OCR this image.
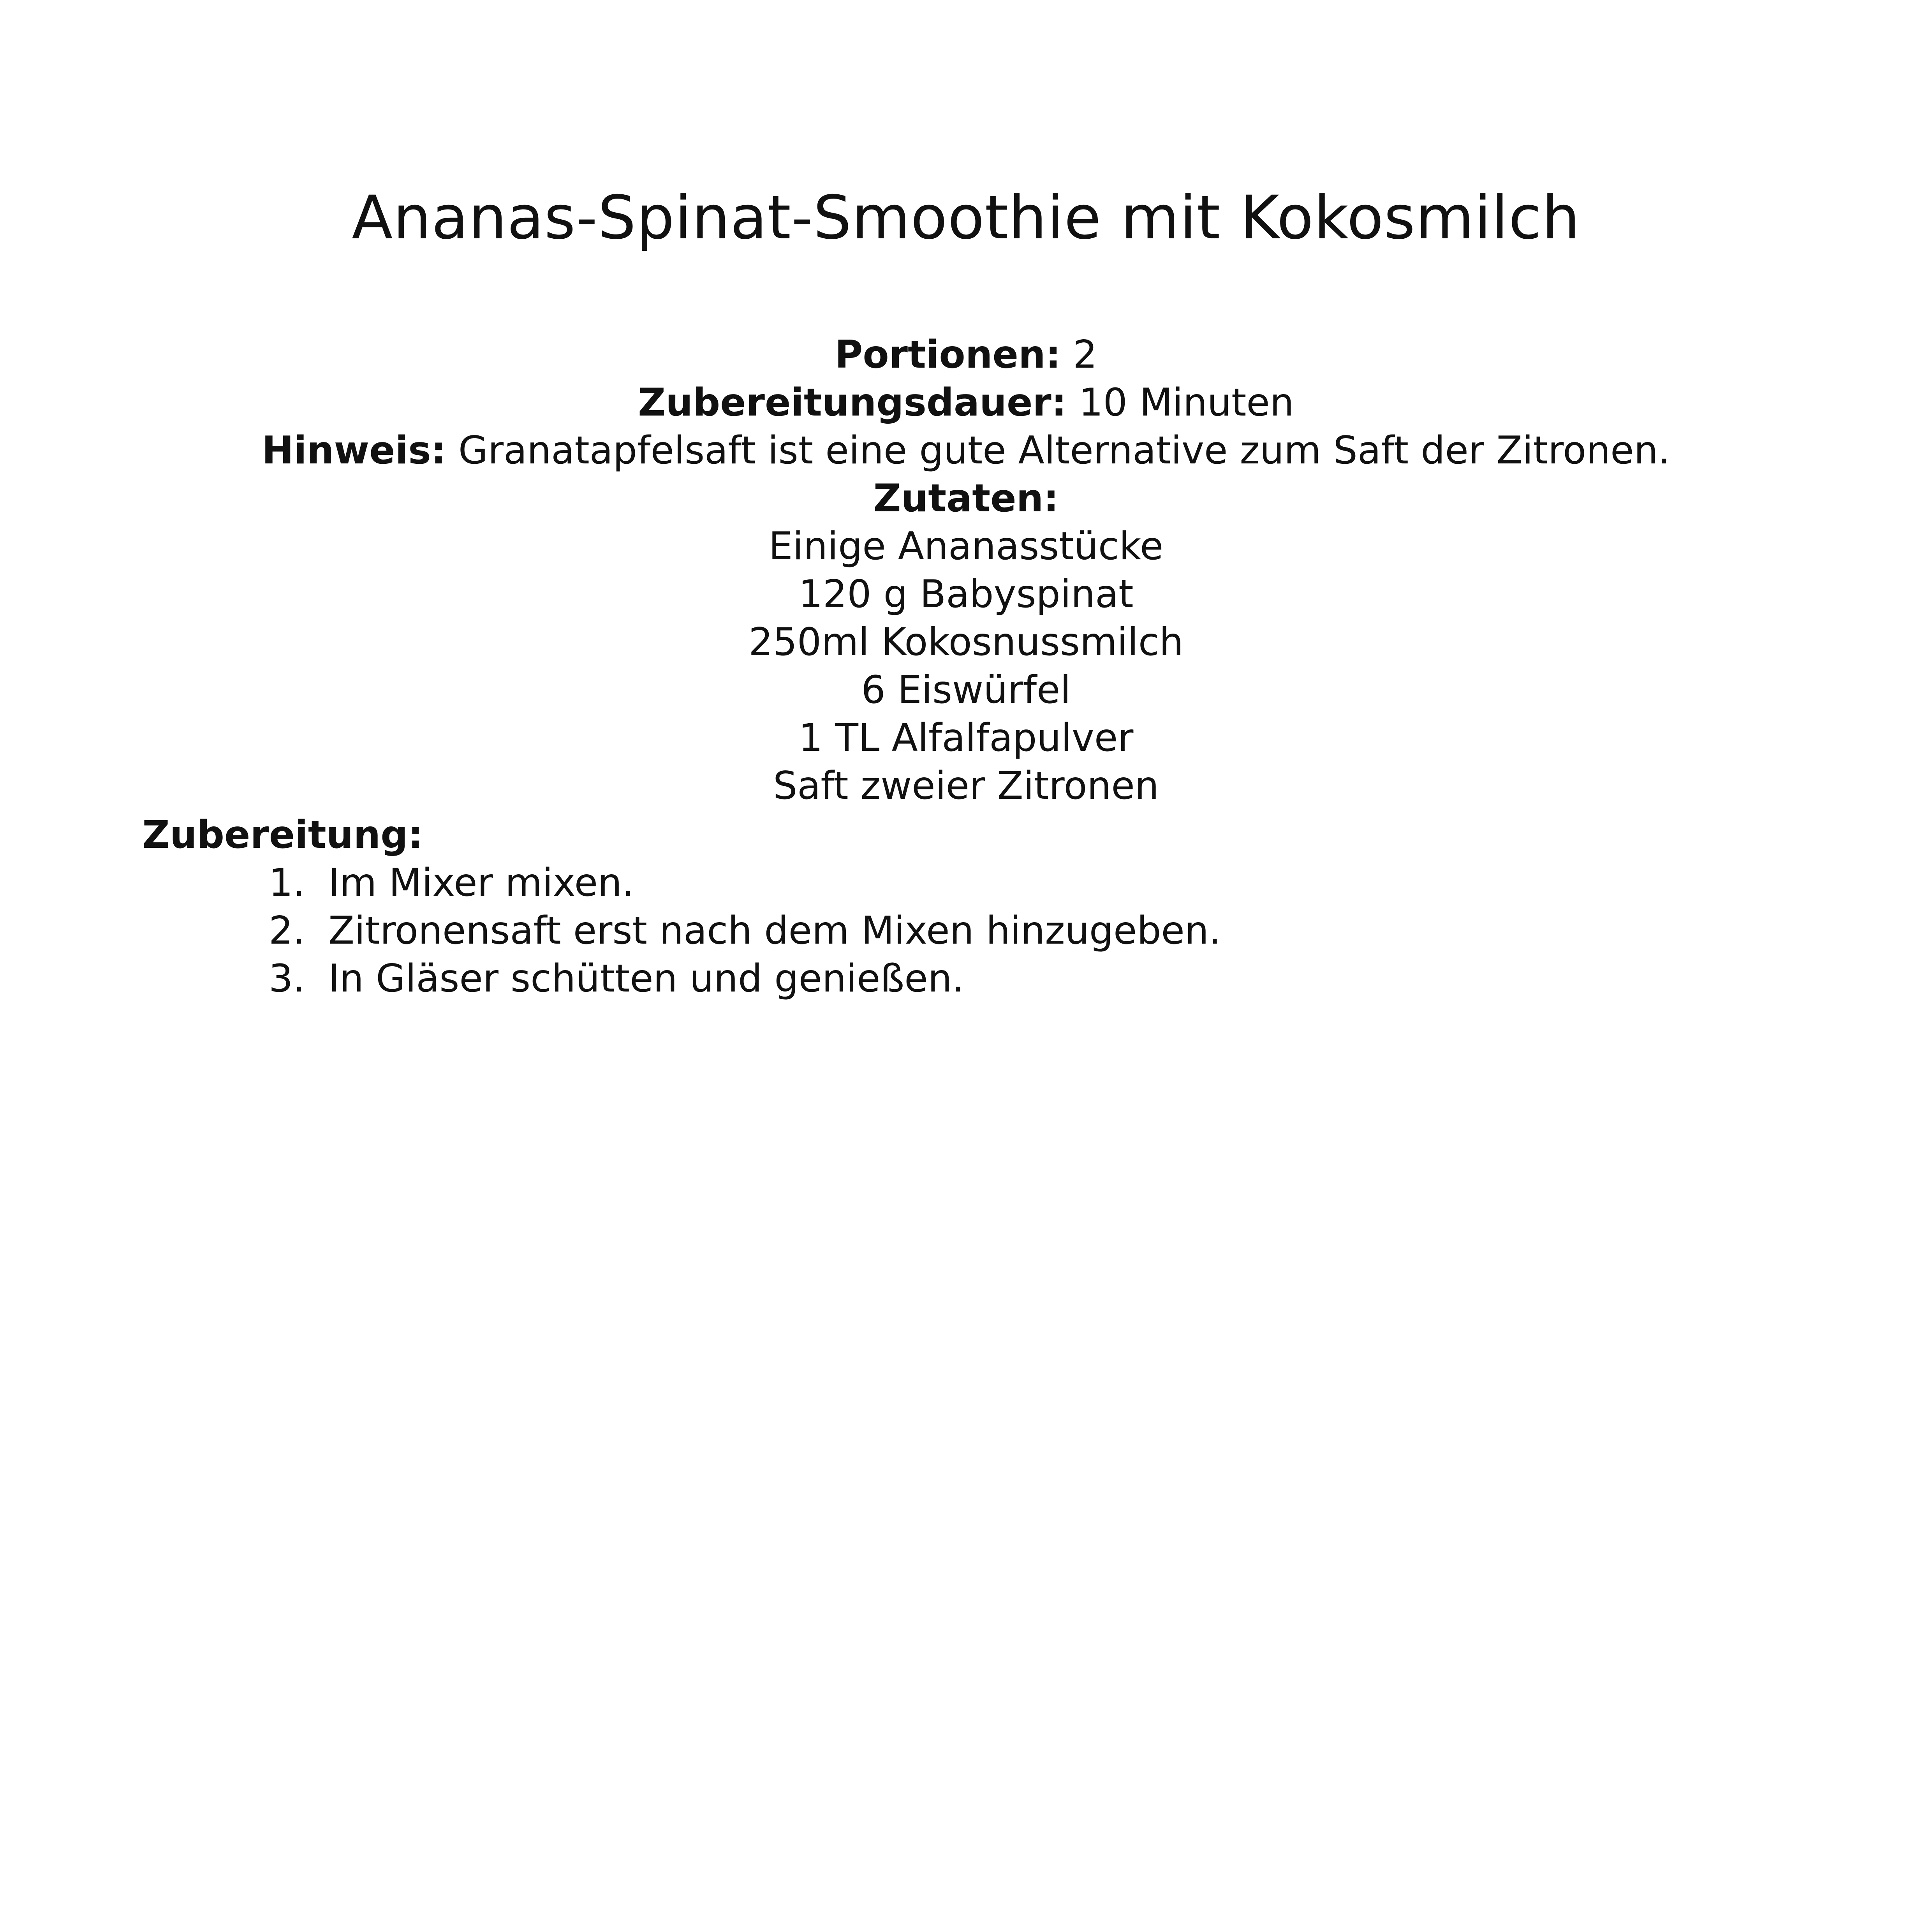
Ananas-Spinat-Smoothie mit Kokosmilch
Portionen: 2
Zubereitungsdauer: 10 Minuten
Hinweis: Granatapfelsaft ist eine gute Alternative zum Saft der Zitronen.
Zutaten:
Einige Ananasstücke
120 g Babyspinat
250ml Kokosnussmilch
6 Eiswürfel
1 TL Alfalfapulver
Saft zweier Zitronen
Zubereitung:
1. Im Mixer mixen.
2. Zitronensaft erst nach dem Mixen hinzugeben.
3. In Gläser schütten und genießen.
